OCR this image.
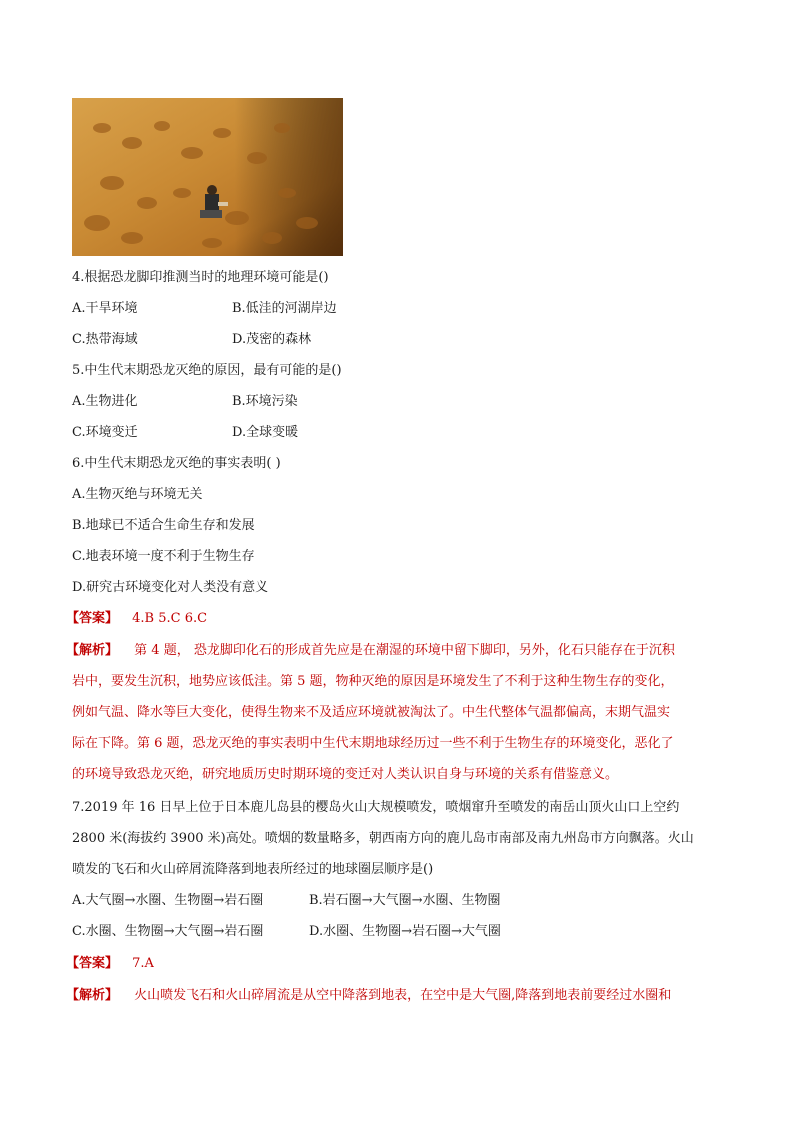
4.根据恐龙脚印推测当时的地理环境可能是()
A.干旱环境	B.低洼的河湖岸边
C.热带海域	D.茂密的森林
5.中生代末期恐龙灭绝的原因，最有可能的是()
A.生物进化	B.环境污染
C.环境变迁	D.全球变暖
6.中生代末期恐龙灭绝的事实表明( )
A.生物灭绝与环境无关
B.地球已不适合生命生存和发展
C.地表环境一度不利于生物生存
D.研究古环境变化对人类没有意义
【答案】 4.B 5.C 6.C
【解析】 第 4 题， 恐龙脚印化石的形成首先应是在潮湿的环境中留下脚印，另外，化石只能存在于沉积
岩中，要发生沉积，地势应该低洼。第 5 题，物种灭绝的原因是环境发生了不利于这种生物生存的变化，
例如气温、降水等巨大变化，使得生物来不及适应环境就被淘汰了。中生代整体气温都偏高，末期气温实
际在下降。第 6 题，恐龙灭绝的事实表明中生代末期地球经历过一些不利于生物生存的环境变化，恶化了
的环境导致恐龙灭绝，研究地质历史时期环境的变迁对人类认识自身与环境的关系有借鉴意义。
7.2019 年 16 日早上位于日本鹿儿岛县的樱岛火山大规模喷发，喷烟窜升至喷发的南岳山顶火山口上空约
2800 米(海拔约 3900 米)高处。喷烟的数量略多，朝西南方向的鹿儿岛市南部及南九州岛市方向飘落。火山
喷发的飞石和火山碎屑流降落到地表所经过的地球圈层顺序是()
A.大气圈→水圈、生物圈→岩石圈	B.岩石圈→大气圈→水圈、生物圈
C.水圈、生物圈→大气圈→岩石圈	D.水圈、生物圈→岩石圈→大气圈
【答案】 7.A
【解析】 火山喷发飞石和火山碎屑流是从空中降落到地表，在空中是大气圈,降落到地表前要经过水圈和
